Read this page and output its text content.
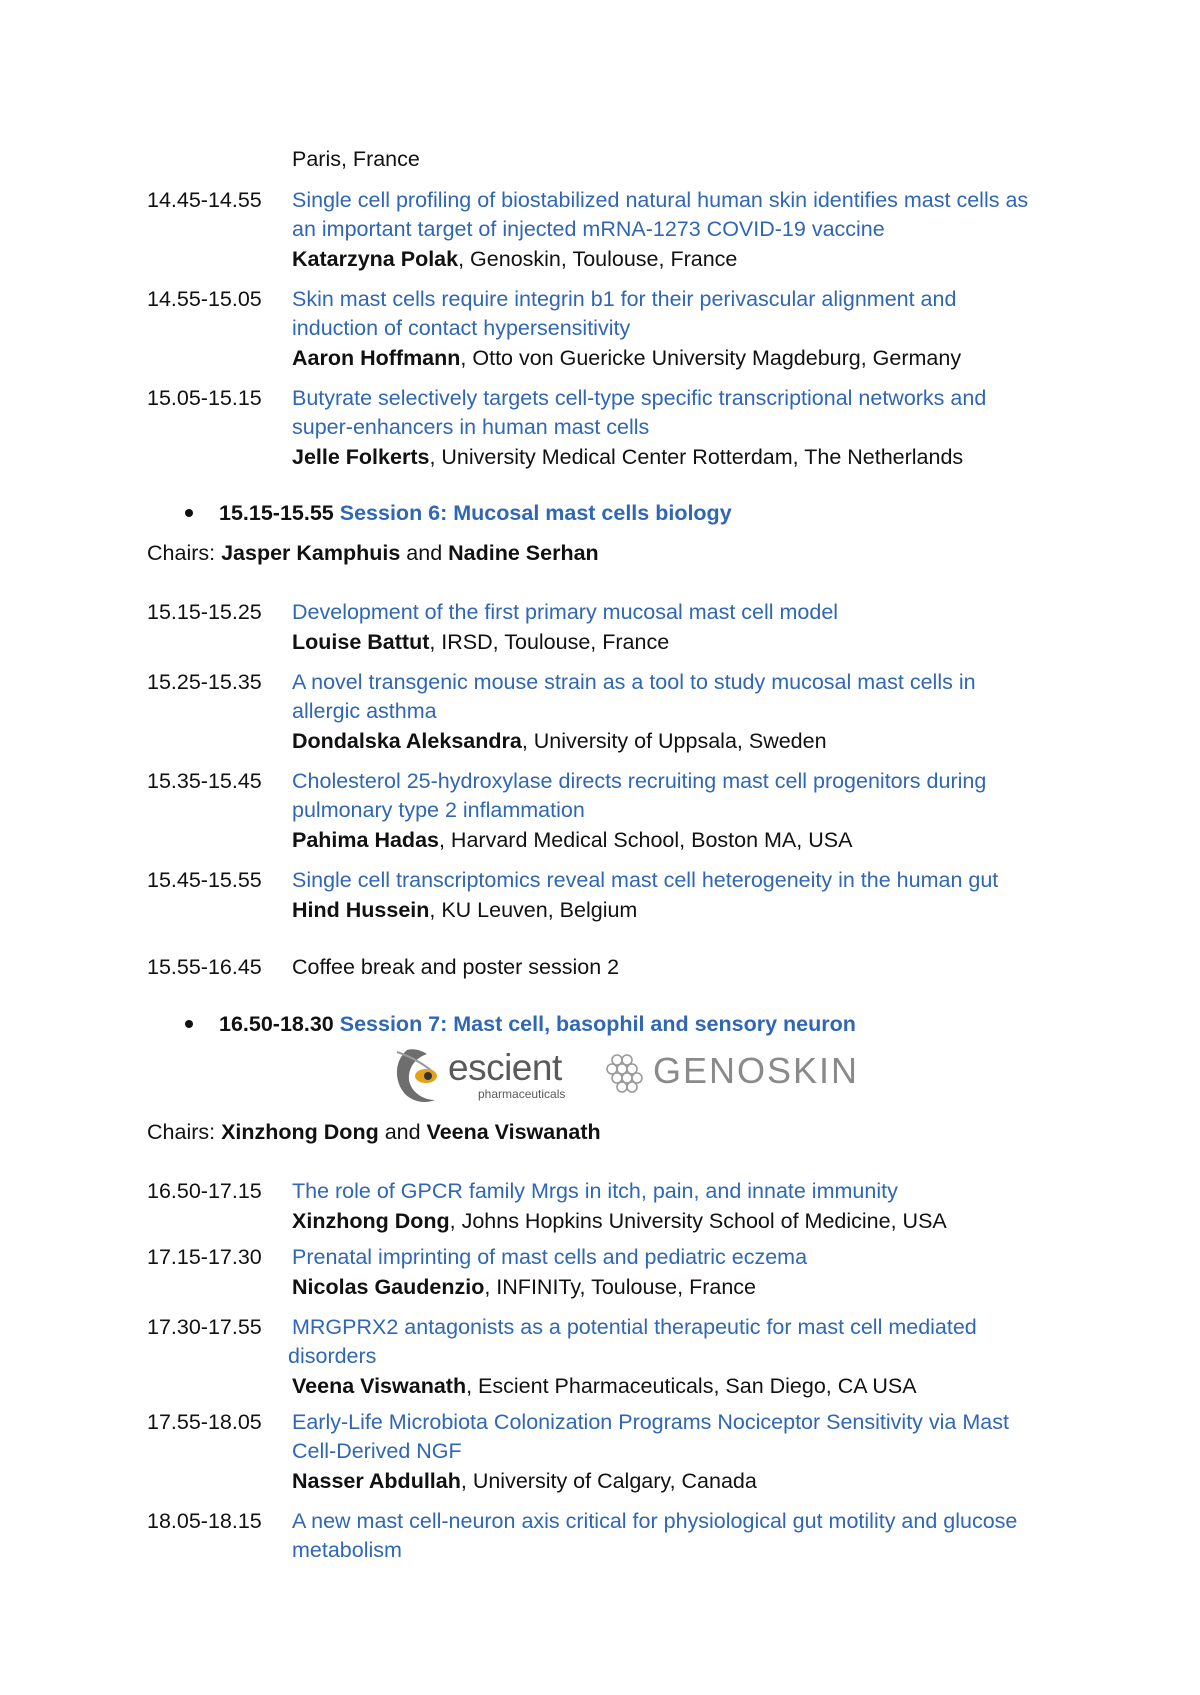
Paris, France
14.45-14.55 Single cell profiling of biostabilized natural human skin identifies mast cells as
an important target of injected mRNA-1273 COVID-19 vaccine
Katarzyna Polak, Genoskin, Toulouse, France
14.55-15.05 Skin mast cells require integrin b1 for their perivascular alignment and
induction of contact hypersensitivity
Aaron Hoffmann, Otto von Guericke University Magdeburg, Germany
15.05-15.15 Butyrate selectively targets cell-type specific transcriptional networks and
super-enhancers in human mast cells
Jelle Folkerts, University Medical Center Rotterdam, The Netherlands
15.15-15.55 Session 6: Mucosal mast cells biology
Chairs: Jasper Kamphuis and Nadine Serhan
15.15-15.25 Development of the first primary mucosal mast cell model
Louise Battut, IRSD, Toulouse, France
15.25-15.35 A novel transgenic mouse strain as a tool to study mucosal mast cells in
allergic asthma
Dondalska Aleksandra, University of Uppsala, Sweden
15.35-15.45 Cholesterol 25-hydroxylase directs recruiting mast cell progenitors during
pulmonary type 2 inflammation
Pahima Hadas, Harvard Medical School, Boston MA, USA
15.45-15.55 Single cell transcriptomics reveal mast cell heterogeneity in the human gut
Hind Hussein, KU Leuven, Belgium
15.55-16.45 Coffee break and poster session 2
16.50-18.30 Session 7: Mast cell, basophil and sensory neuron
escient
pharmaceuticals
GENOSKIN
Chairs: Xinzhong Dong and Veena Viswanath
16.50-17.15 The role of GPCR family Mrgs in itch, pain, and innate immunity
Xinzhong Dong, Johns Hopkins University School of Medicine, USA
17.15-17.30 Prenatal imprinting of mast cells and pediatric eczema
Nicolas Gaudenzio, INFINITy, Toulouse, France
17.30-17.55 MRGPRX2 antagonists as a potential therapeutic for mast cell mediated
disorders
Veena Viswanath, Escient Pharmaceuticals, San Diego, CA USA
17.55-18.05 Early-Life Microbiota Colonization Programs Nociceptor Sensitivity via Mast
Cell-Derived NGF
Nasser Abdullah, University of Calgary, Canada
18.05-18.15 A new mast cell-neuron axis critical for physiological gut motility and glucose
metabolism
